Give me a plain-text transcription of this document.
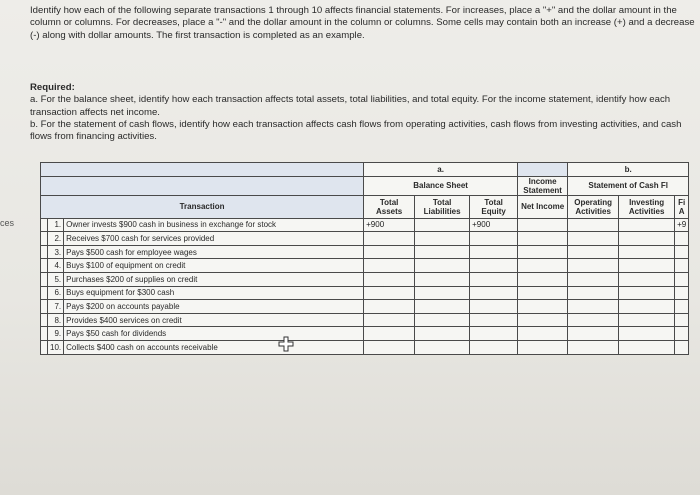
ces
Identify how each of the following separate transactions 1 through 10 affects financial statements. For increases, place a "+" and the dollar amount in the column or columns. For decreases, place a "-" and the dollar amount in the column or columns. Some cells may contain both an increase (+) and a decrease (-) along with dollar amounts. The first transaction is completed as an example.
Required:
a. For the balance sheet, identify how each transaction affects total assets, total liabilities, and total equity. For the income statement, identify how each transaction affects net income.
b. For the statement of cash flows, identify how each transaction affects cash flows from operating activities, cash flows from investing activities, and cash flows from financing activities.
			a.				b.		
			Balance Sheet			Income Statement	Statement of Cash Fl		
Transaction			Total Assets	Total Liabilities	Total Equity	Net Income	Operating Activities	Investing Activities	Fi A
	1.	Owner invests $900 cash in business in exchange for stock	+900		+900				+9
	2.	Receives $700 cash for services provided							
	3.	Pays $500 cash for employee wages							
	4.	Buys $100 of equipment on credit							
	5.	Purchases $200 of supplies on credit							
	6.	Buys equipment for $300 cash							
	7.	Pays $200 on accounts payable							
	8.	Provides $400 services on credit							
	9.	Pays $50 cash for dividends							
	10.	Collects $400 cash on accounts receivable							
